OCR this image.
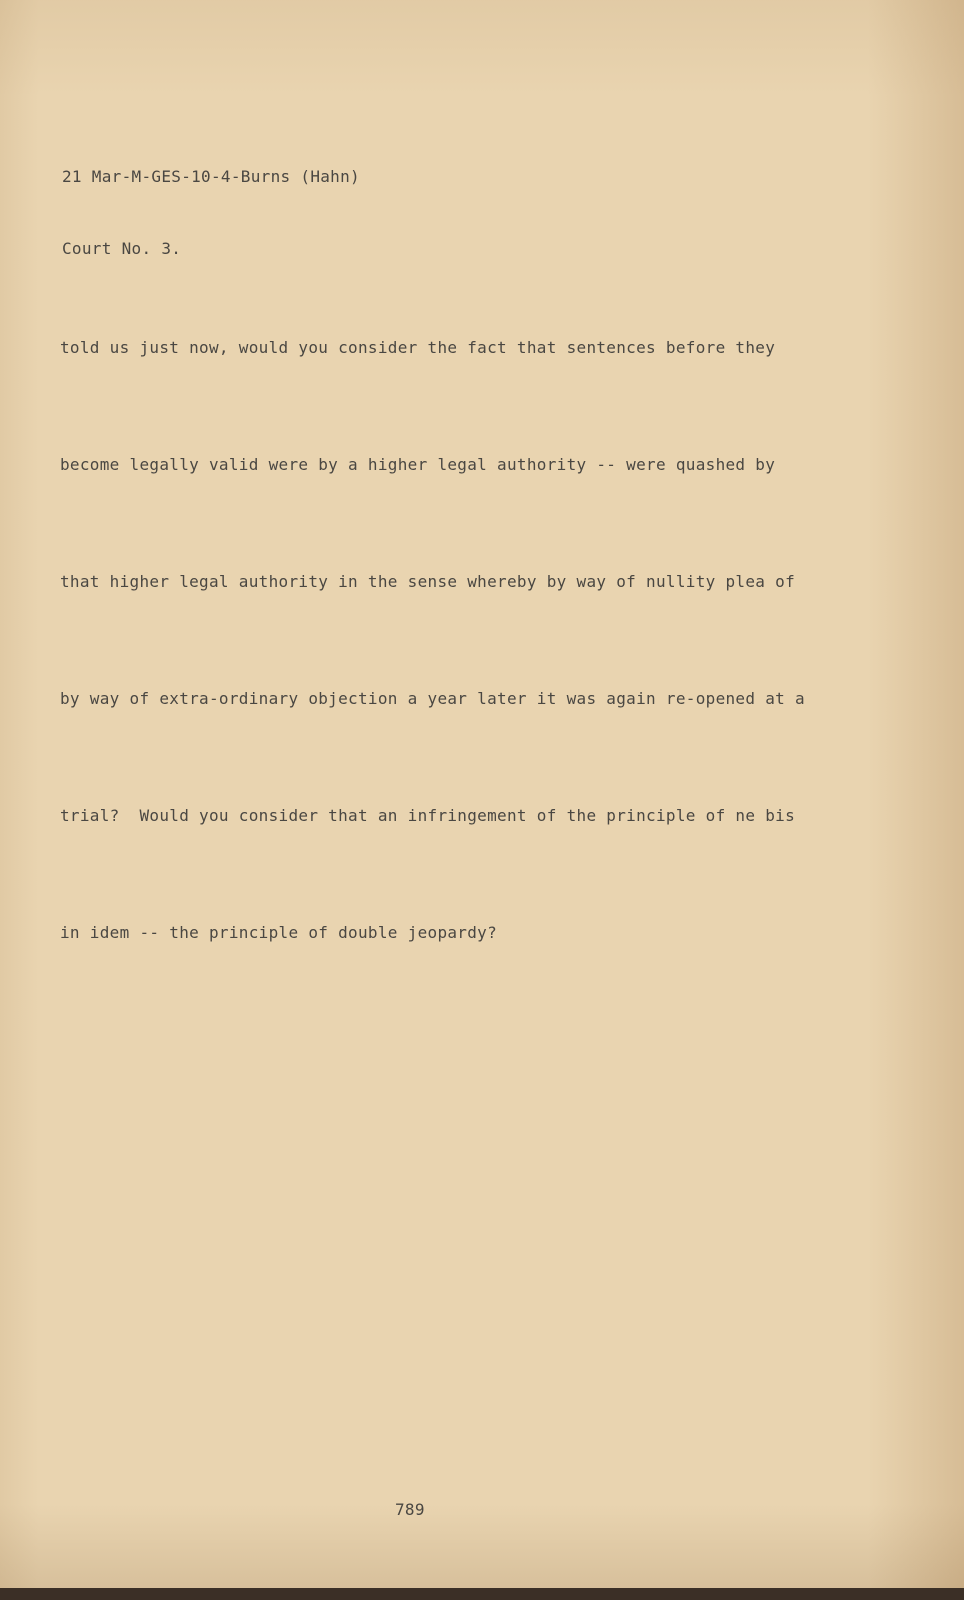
21 Mar-M-GES-10-4-Burns (Hahn)

Court No. 3.

told us just now, would you consider the fact that sentences before they

become legally valid were by a higher legal authority -- were quashed by

that higher legal authority in the sense whereby by way of nullity plea of

by way of extra-ordinary objection a year later it was again re-opened at a

trial?  Would you consider that an infringement of the principle of ne bis

in idem -- the principle of double jeopardy?

789
